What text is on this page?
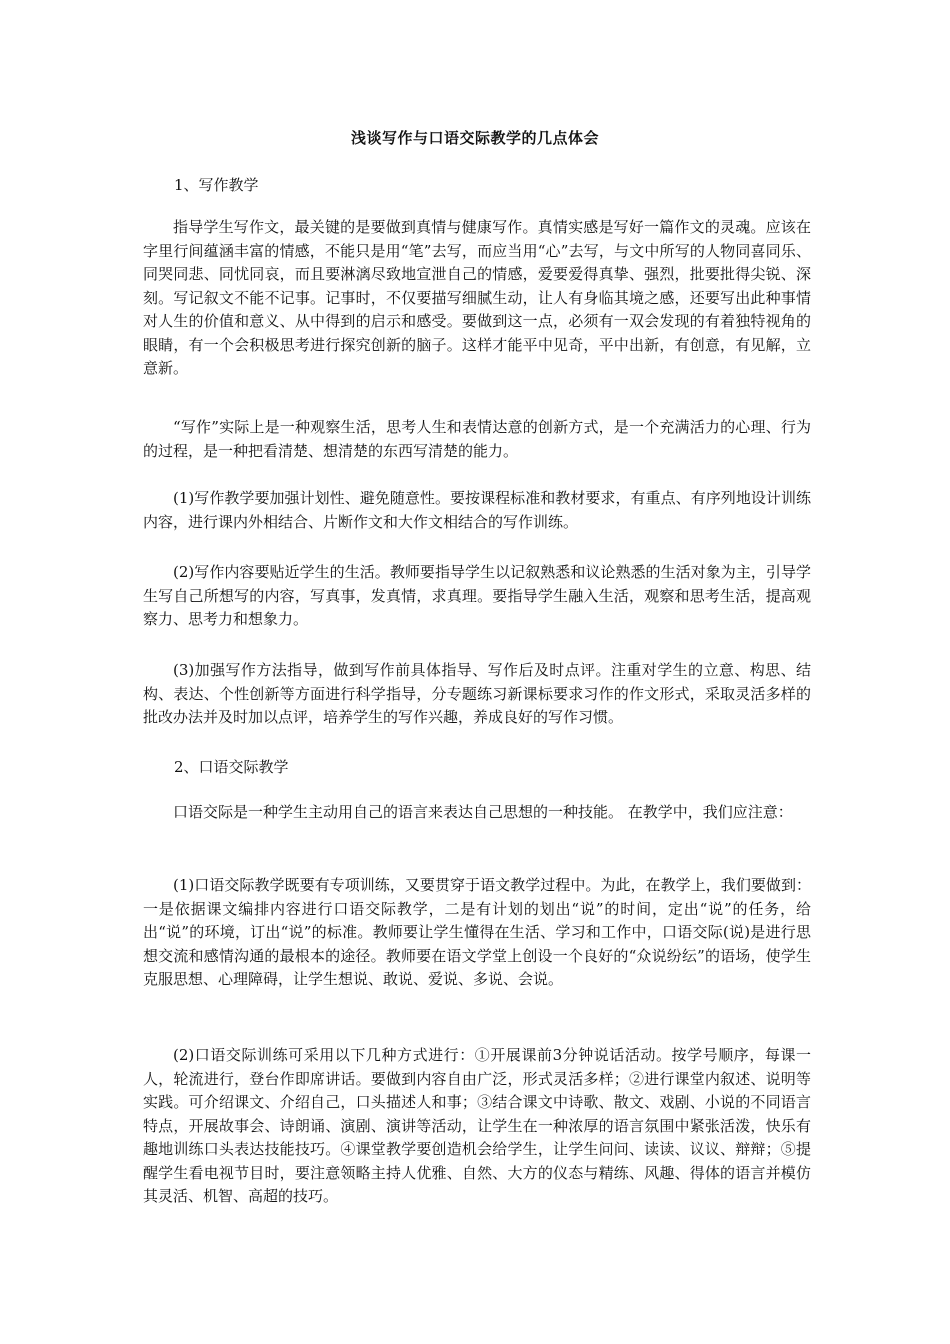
浅谈写作与口语交际教学的几点体会

1、写作教学

指导学生写作文，最关键的是要做到真情与健康写作。真情实感是写好一篇作文的灵魂。应该在字里行间蕴涵丰富的情感，不能只是用“笔”去写，而应当用“心”去写，与文中所写的人物同喜同乐、同哭同悲、同忧同哀，而且要淋漓尽致地宣泄自己的情感，爱要爱得真挚、强烈，批要批得尖锐、深刻。写记叙文不能不记事。记事时，不仅要描写细腻生动，让人有身临其境之感，还要写出此种事情对人生的价值和意义、从中得到的启示和感受。要做到这一点，必须有一双会发现的有着独特视角的眼睛，有一个会积极思考进行探究创新的脑子。这样才能平中见奇，平中出新，有创意，有见解，立意新。

“写作”实际上是一种观察生活，思考人生和表情达意的创新方式，是一个充满活力的心理、行为的过程，是一种把看清楚、想清楚的东西写清楚的能力。

(1)写作教学要加强计划性、避免随意性。要按课程标准和教材要求，有重点、有序列地设计训练内容，进行课内外相结合、片断作文和大作文相结合的写作训练。

(2)写作内容要贴近学生的生活。教师要指导学生以记叙熟悉和议论熟悉的生活对象为主，引导学生写自己所想写的内容，写真事，发真情，求真理。要指导学生融入生活，观察和思考生活，提高观察力、思考力和想象力。

(3)加强写作方法指导，做到写作前具体指导、写作后及时点评。注重对学生的立意、构思、结构、表达、个性创新等方面进行科学指导，分专题练习新课标要求习作的作文形式，采取灵活多样的批改办法并及时加以点评，培养学生的写作兴趣，养成良好的写作习惯。

2、口语交际教学

口语交际是一种学生主动用自己的语言来表达自己思想的一种技能。 在教学中，我们应注意：

(1)口语交际教学既要有专项训练，又要贯穿于语文教学过程中。为此，在教学上，我们要做到：一是依据课文编排内容进行口语交际教学，二是有计划的划出“说”的时间，定出“说”的任务，给出“说”的环境，订出“说”的标准。教师要让学生懂得在生活、学习和工作中，口语交际(说)是进行思想交流和感情沟通的最根本的途径。教师要在语文学堂上创设一个良好的“众说纷纭”的语场，使学生克服思想、心理障碍，让学生想说、敢说、爱说、多说、会说。

(2)口语交际训练可采用以下几种方式进行：①开展课前3分钟说话活动。按学号顺序，每课一人，轮流进行，登台作即席讲话。要做到内容自由广泛，形式灵活多样；②进行课堂内叙述、说明等实践。可介绍课文、介绍自己，口头描述人和事；③结合课文中诗歌、散文、戏剧、小说的不同语言特点，开展故事会、诗朗诵、演剧、演讲等活动，让学生在一种浓厚的语言氛围中紧张活泼，快乐有趣地训练口头表达技能技巧。④课堂教学要创造机会给学生，让学生问问、读读、议议、辩辩；⑤提醒学生看电视节目时，要注意领略主持人优雅、自然、大方的仪态与精练、风趣、得体的语言并模仿其灵活、机智、高超的技巧。
